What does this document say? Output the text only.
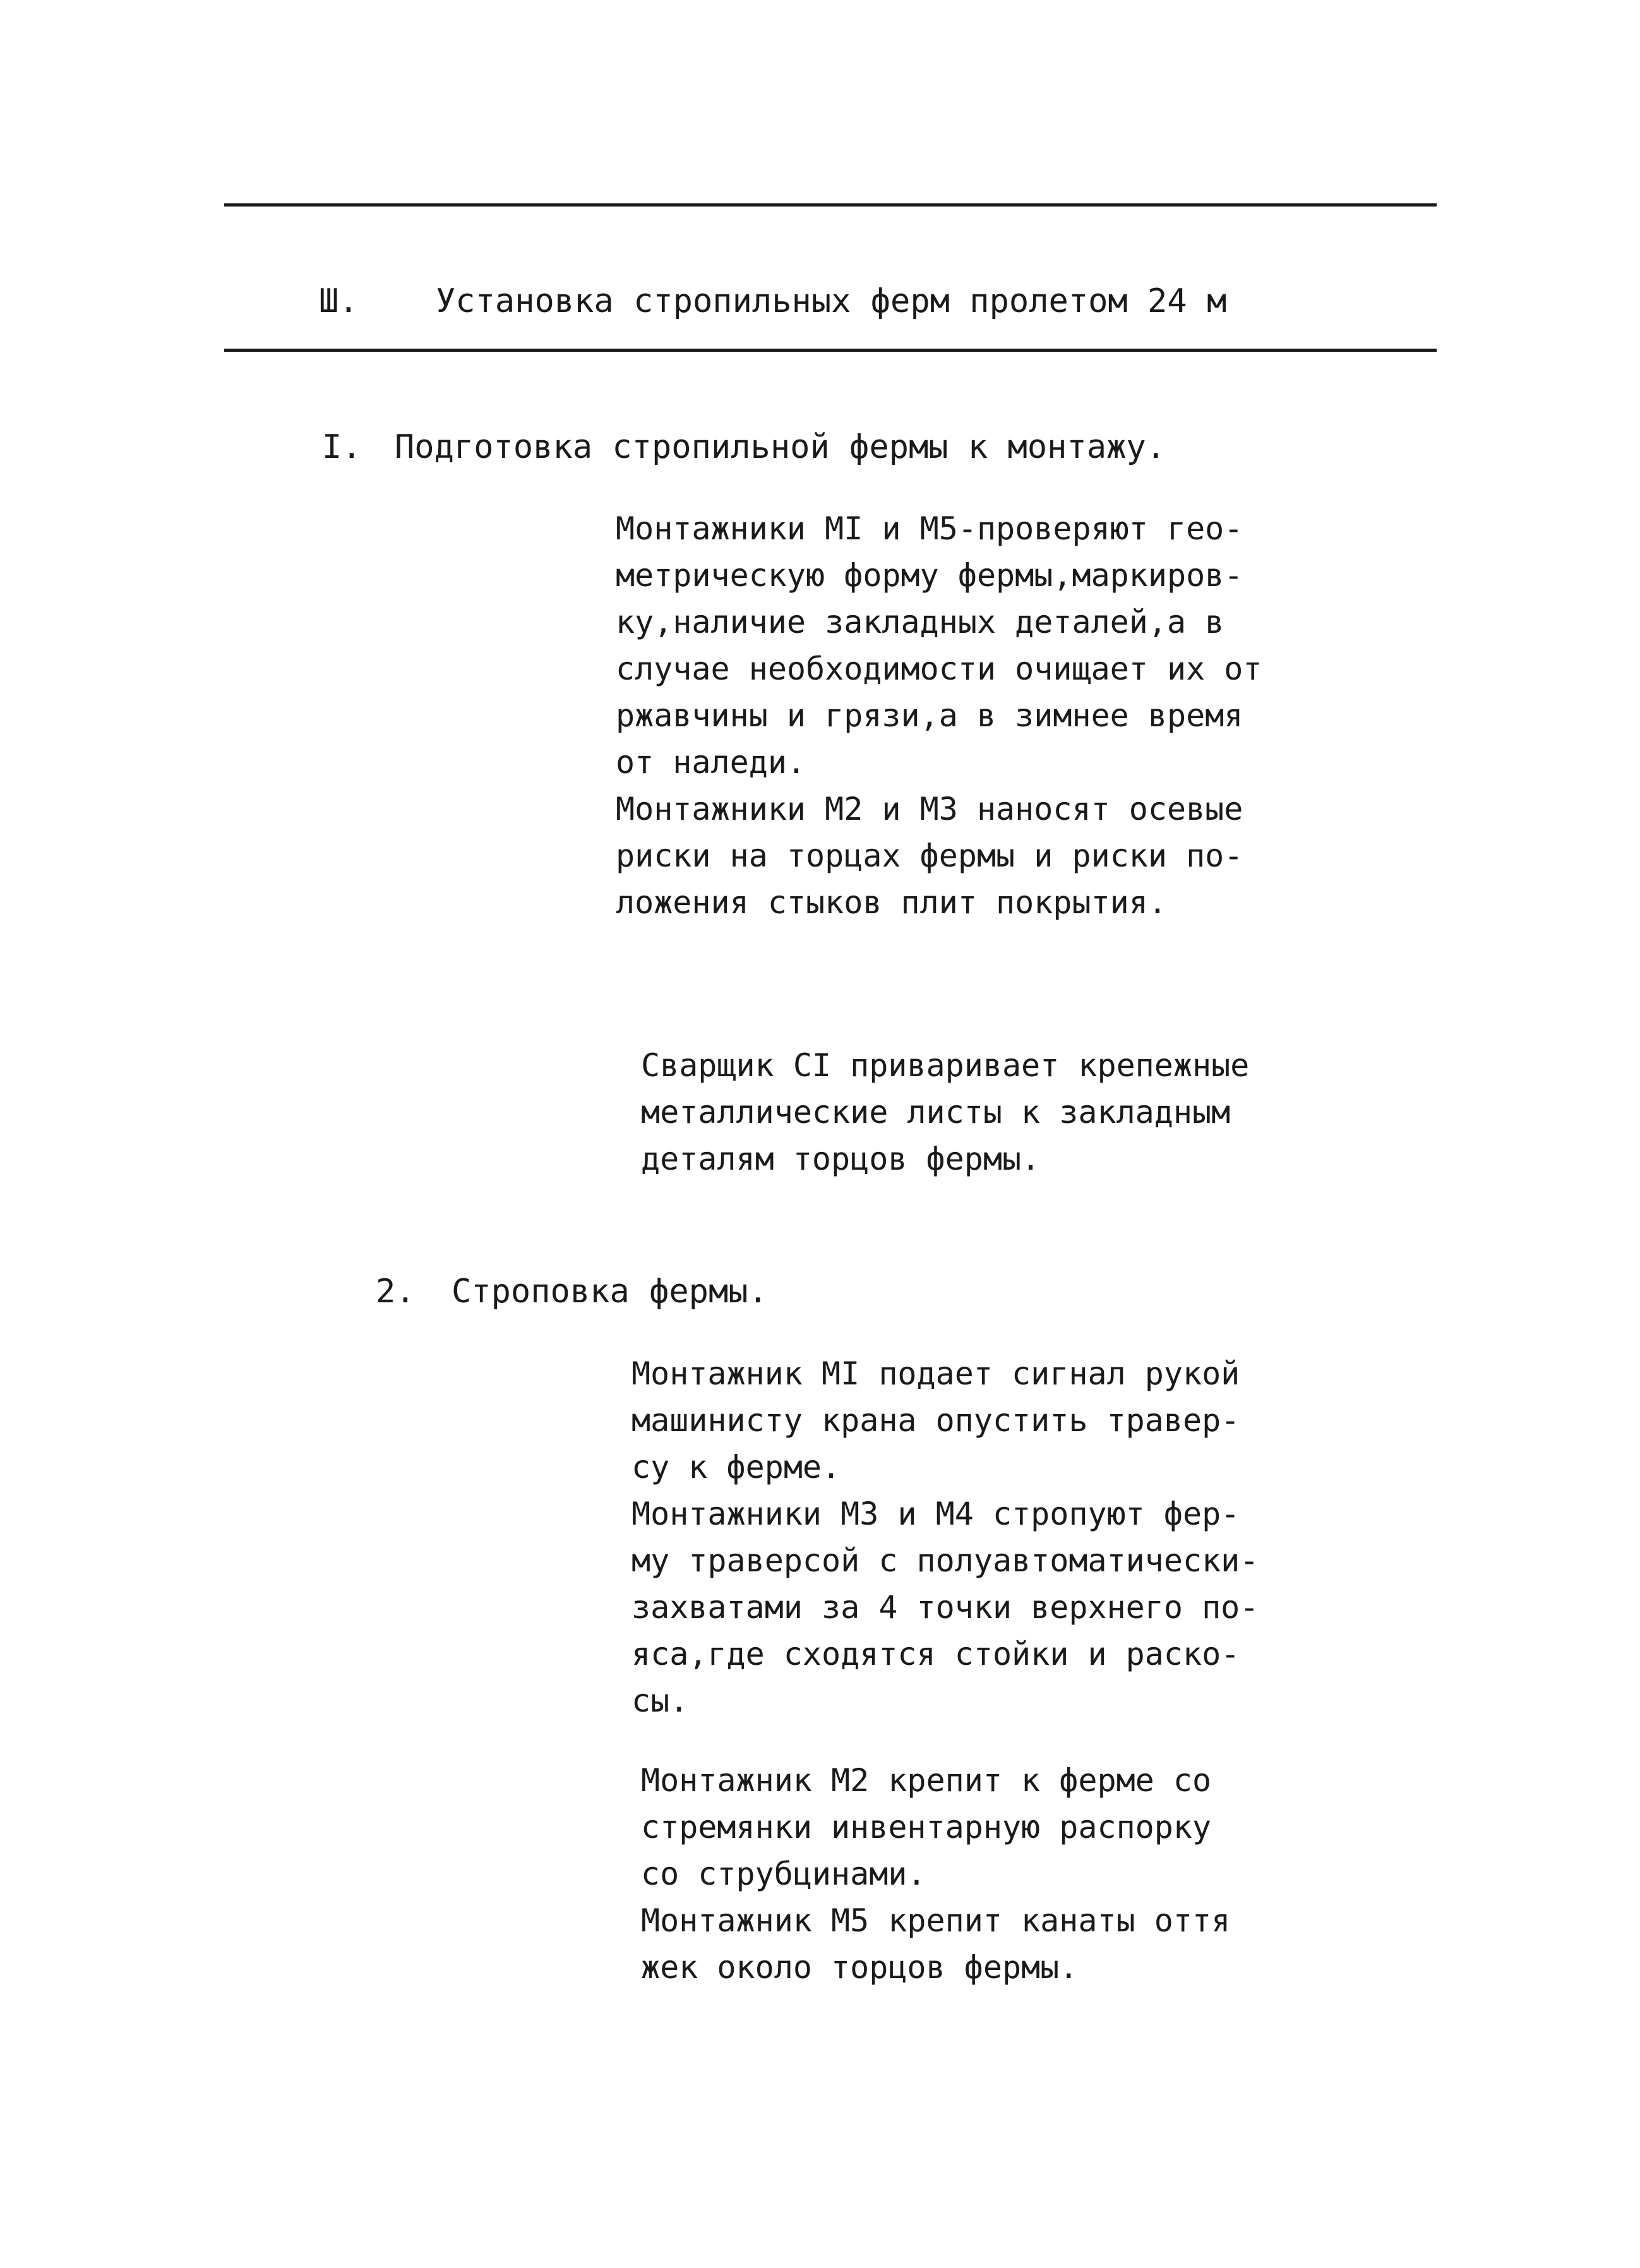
Ш. Установка стропильных ферм пролетом 24 м
I. Подготовка стропильной фермы к монтажу.
Монтажники МI и М5-проверяют гео-
метрическую форму фермы,маркиров-
ку,наличие закладных деталей,а в
случае необходимости очищает их от
ржавчины и грязи,а в зимнее время
от наледи.
Монтажники М2 и М3 наносят осевые
риски на торцах фермы и риски по-
ложения стыков плит покрытия.
Сварщик СI приваривает крепежные
металлические листы к закладным
деталям торцов фермы.
2. Строповка фермы.
Монтажник МI подает сигнал рукой
машинисту крана опустить травер-
су к ферме.
Монтажники М3 и М4 стропуют фер-
му траверсой с полуавтоматически-
захватами за 4 точки верхнего по-
яса,где сходятся стойки и раско-
сы.
Монтажник М2 крепит к ферме со
стремянки инвентарную распорку
со струбцинами.
Монтажник М5 крепит канаты оття
жек около торцов фермы.
